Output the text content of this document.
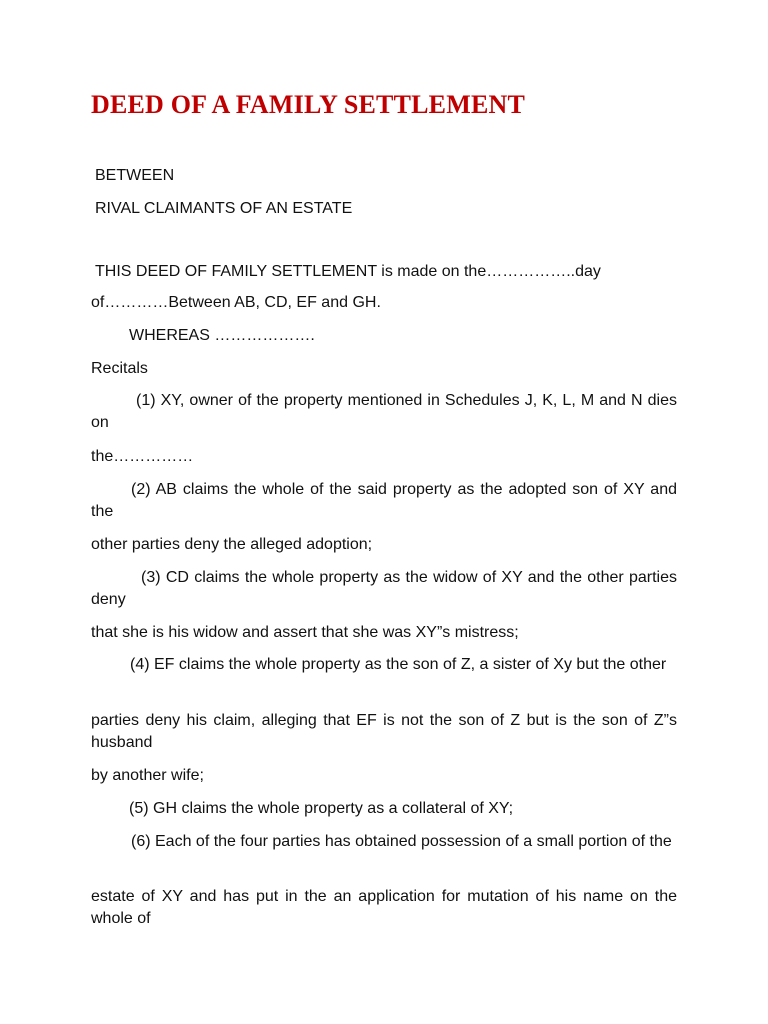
DEED OF A FAMILY SETTLEMENT
BETWEEN
RIVAL CLAIMANTS OF AN ESTATE
THIS DEED OF FAMILY SETTLEMENT is made on the……………..day
of…………Between AB, CD, EF and GH.
WHEREAS ……………….
Recitals
(1) XY, owner of the property mentioned in Schedules J, K, L, M and N dies on
the……………
(2) AB claims the whole of the said property as the adopted son of XY and the
other parties deny the alleged adoption;
(3) CD claims the whole property as the widow of XY and the other parties deny
that she is his widow and assert that she was XY”s mistress;
(4) EF claims the whole property as the son of Z, a sister of Xy but the other
parties deny his claim, alleging that EF is not the son of Z but is the son of Z”s husband
by another wife;
(5) GH claims the whole property as a collateral of XY;
(6) Each of the four parties has obtained possession of a small portion of the
estate of XY and has put in the an application for mutation of his name on the whole of
